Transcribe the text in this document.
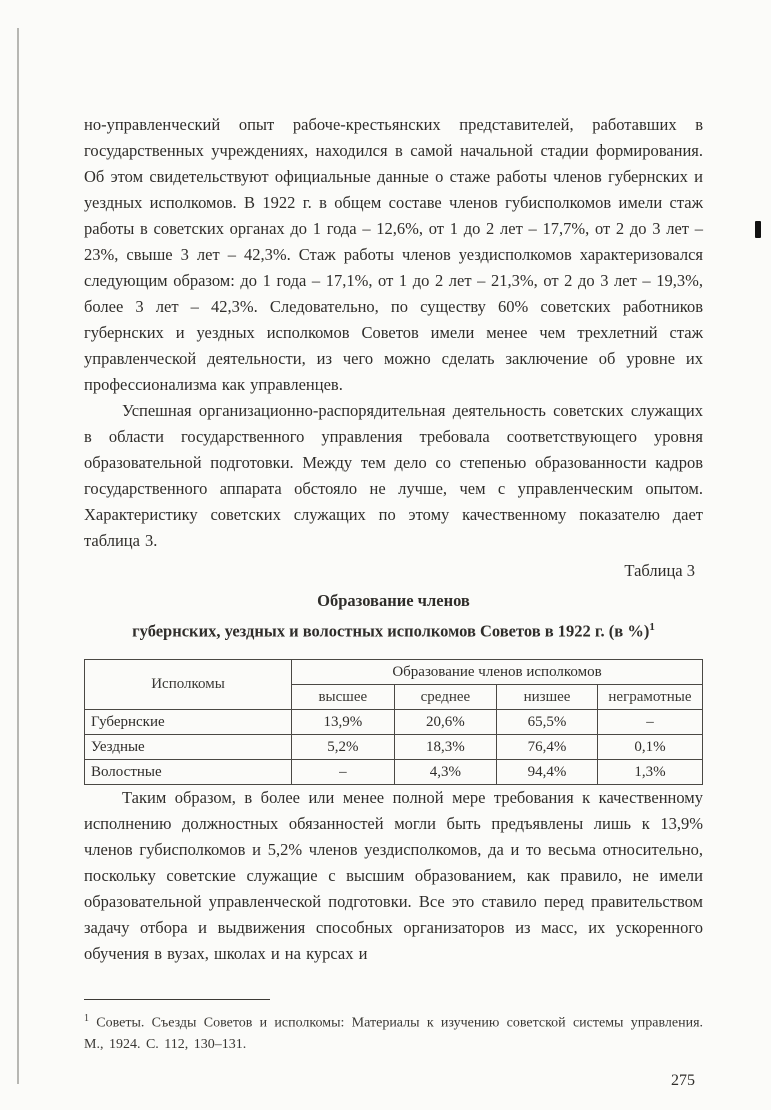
но-управленческий опыт рабоче-крестьянских представителей, работавших в государственных учреждениях, находился в самой начальной стадии формирования. Об этом свидетельствуют официальные данные о стаже работы членов губернских и уездных исполкомов. В 1922 г. в общем составе членов губисполкомов имели стаж работы в советских органах до 1 года – 12,6%, от 1 до 2 лет – 17,7%, от 2 до 3 лет – 23%, свыше 3 лет – 42,3%. Стаж работы членов уездисполкомов характеризовался следующим образом: до 1 года – 17,1%, от 1 до 2 лет – 21,3%, от 2 до 3 лет – 19,3%, более 3 лет – 42,3%. Следовательно, по существу 60% советских работников губернских и уездных исполкомов Советов имели менее чем трехлетний стаж управленческой деятельности, из чего можно сделать заключение об уровне их профессионализма как управленцев.

Успешная организационно-распорядительная деятельность советских служащих в области государственного управления требовала соответствующего уровня образовательной подготовки. Между тем дело со степенью образованности кадров государственного аппарата обстояло не лучше, чем с управленческим опытом. Характеристику советских служащих по этому качественному показателю дает таблица 3.

Таблица 3
Образование членов
губернских, уездных и волостных исполкомов Советов в 1922 г. (в %)$^1$
Исполкомы	Образование членов исполкомов			
	высшее	среднее	низшее	неграмотные
Губернские	13,9%	20,6%	65,5%	–
Уездные	5,2%	18,3%	76,4%	0,1%
Волостные	–	4,3%	94,4%	1,3%

Таким образом, в более или менее полной мере требования к качественному исполнению должностных обязанностей могли быть предъявлены лишь к 13,9% членов губисполкомов и 5,2% членов уездисполкомов, да и то весьма относительно, поскольку советские служащие с высшим образованием, как правило, не имели образовательной управленческой подготовки. Все это ставило перед правительством задачу отбора и выдвижения способных организаторов из масс, их ускоренного обучения в вузах, школах и на курсах и

$^1$ Советы. Съезды Советов и исполкомы: Материалы к изучению советской системы управления. М., 1924. С. 112, 130–131.
275
